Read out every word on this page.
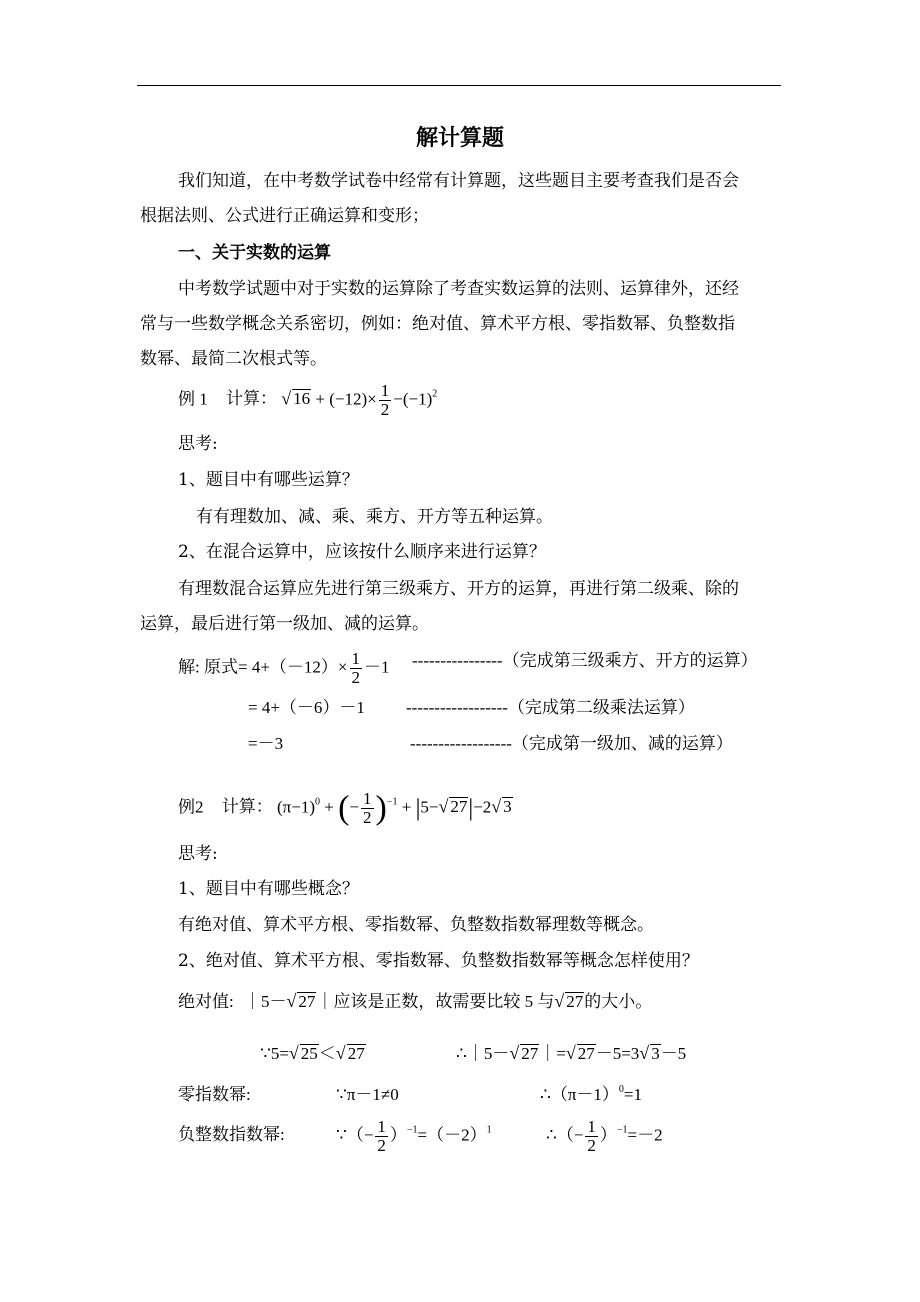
解计算题
我们知道，在中考数学试卷中经常有计算题，这些题目主要考查我们是否会
根据法则、公式进行正确运算和变形；
一、关于实数的运算
中考数学试题中对于实数的运算除了考查实数运算的法则、运算律外，还经
常与一些数学概念关系密切，例如：绝对值、算术平方根、零指数幂、负整数指
数幂、最简二次根式等。
例 1 计算： √ $16 + (-12)\times \frac{1}{2} -(-1)^2$
思考:
1、题目中有哪些运算？
有有理数加、减、乘、乘方、开方等五种运算。
2、在混合运算中，应该按什么顺序来进行运算？
有理数混合运算应先进行第三级乘方、开方的运算，再进行第二级乘、除的
运算，最后进行第一级加、减的运算。
解: 原式= $4+(-12)\times \frac{1}{2} -1$ ----------------（完成第三级乘方、开方的运算）
= 4+（－6）－1 ------------------（完成第二级乘法运算）
=－3	------------------（完成第一级加、减的运算）
例2 计算： $(\pi-1)^0$ + (− $\frac{1}{2} )^{-1} + |5-√$ 27|−2√ 3
思考:
1、题目中有哪些概念？
有绝对值、算术平方根、零指数幂、负整数指数幂理数等概念。
2、绝对值、算术平方根、零指数幂、负整数指数幂等概念怎样使用？
绝对值: ｜5－√ 27｜应该是正数，故需要比较 5 与√ 27的大小。
∵5=√ 25＜√ 27	∴｜5－√ 27｜=√ 27－5=3√ 3－5
零指数幂:	∵π－1≠0	$\therefore(\pi-1)^0=1$
负整数指数幂:	∵（− $\frac{1}{2} )^{-1}=(-2)^1$	∴（− $\frac{1}{2} )^{-1}=-2$
